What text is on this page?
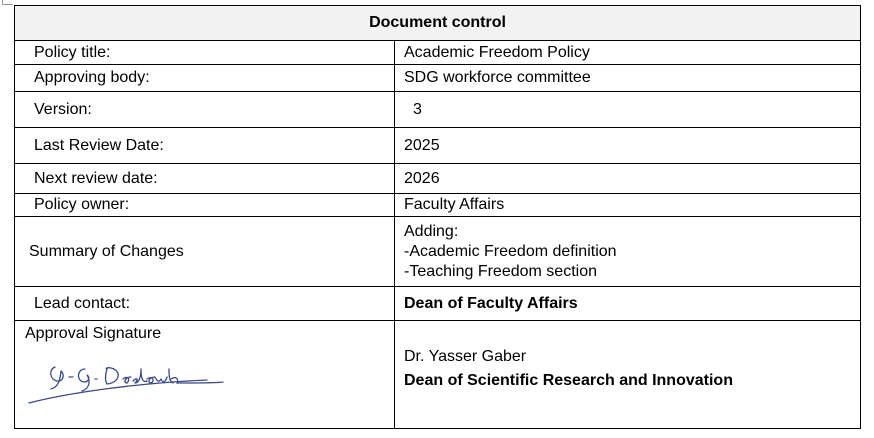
Document control	
Policy title:	Academic Freedom Policy
Approving body:	SDG workforce committee
Version:	3
Last Review Date:	2025
Next review date:	2026
Policy owner:	Faculty Affairs
Summary of Changes	Adding:
-Academic Freedom definition
-Teaching Freedom section

Lead contact:	Dean of Faculty Affairs

Approval Signature	Dr. Yasser Gaber
Dean of Scientific Research and Innovation
